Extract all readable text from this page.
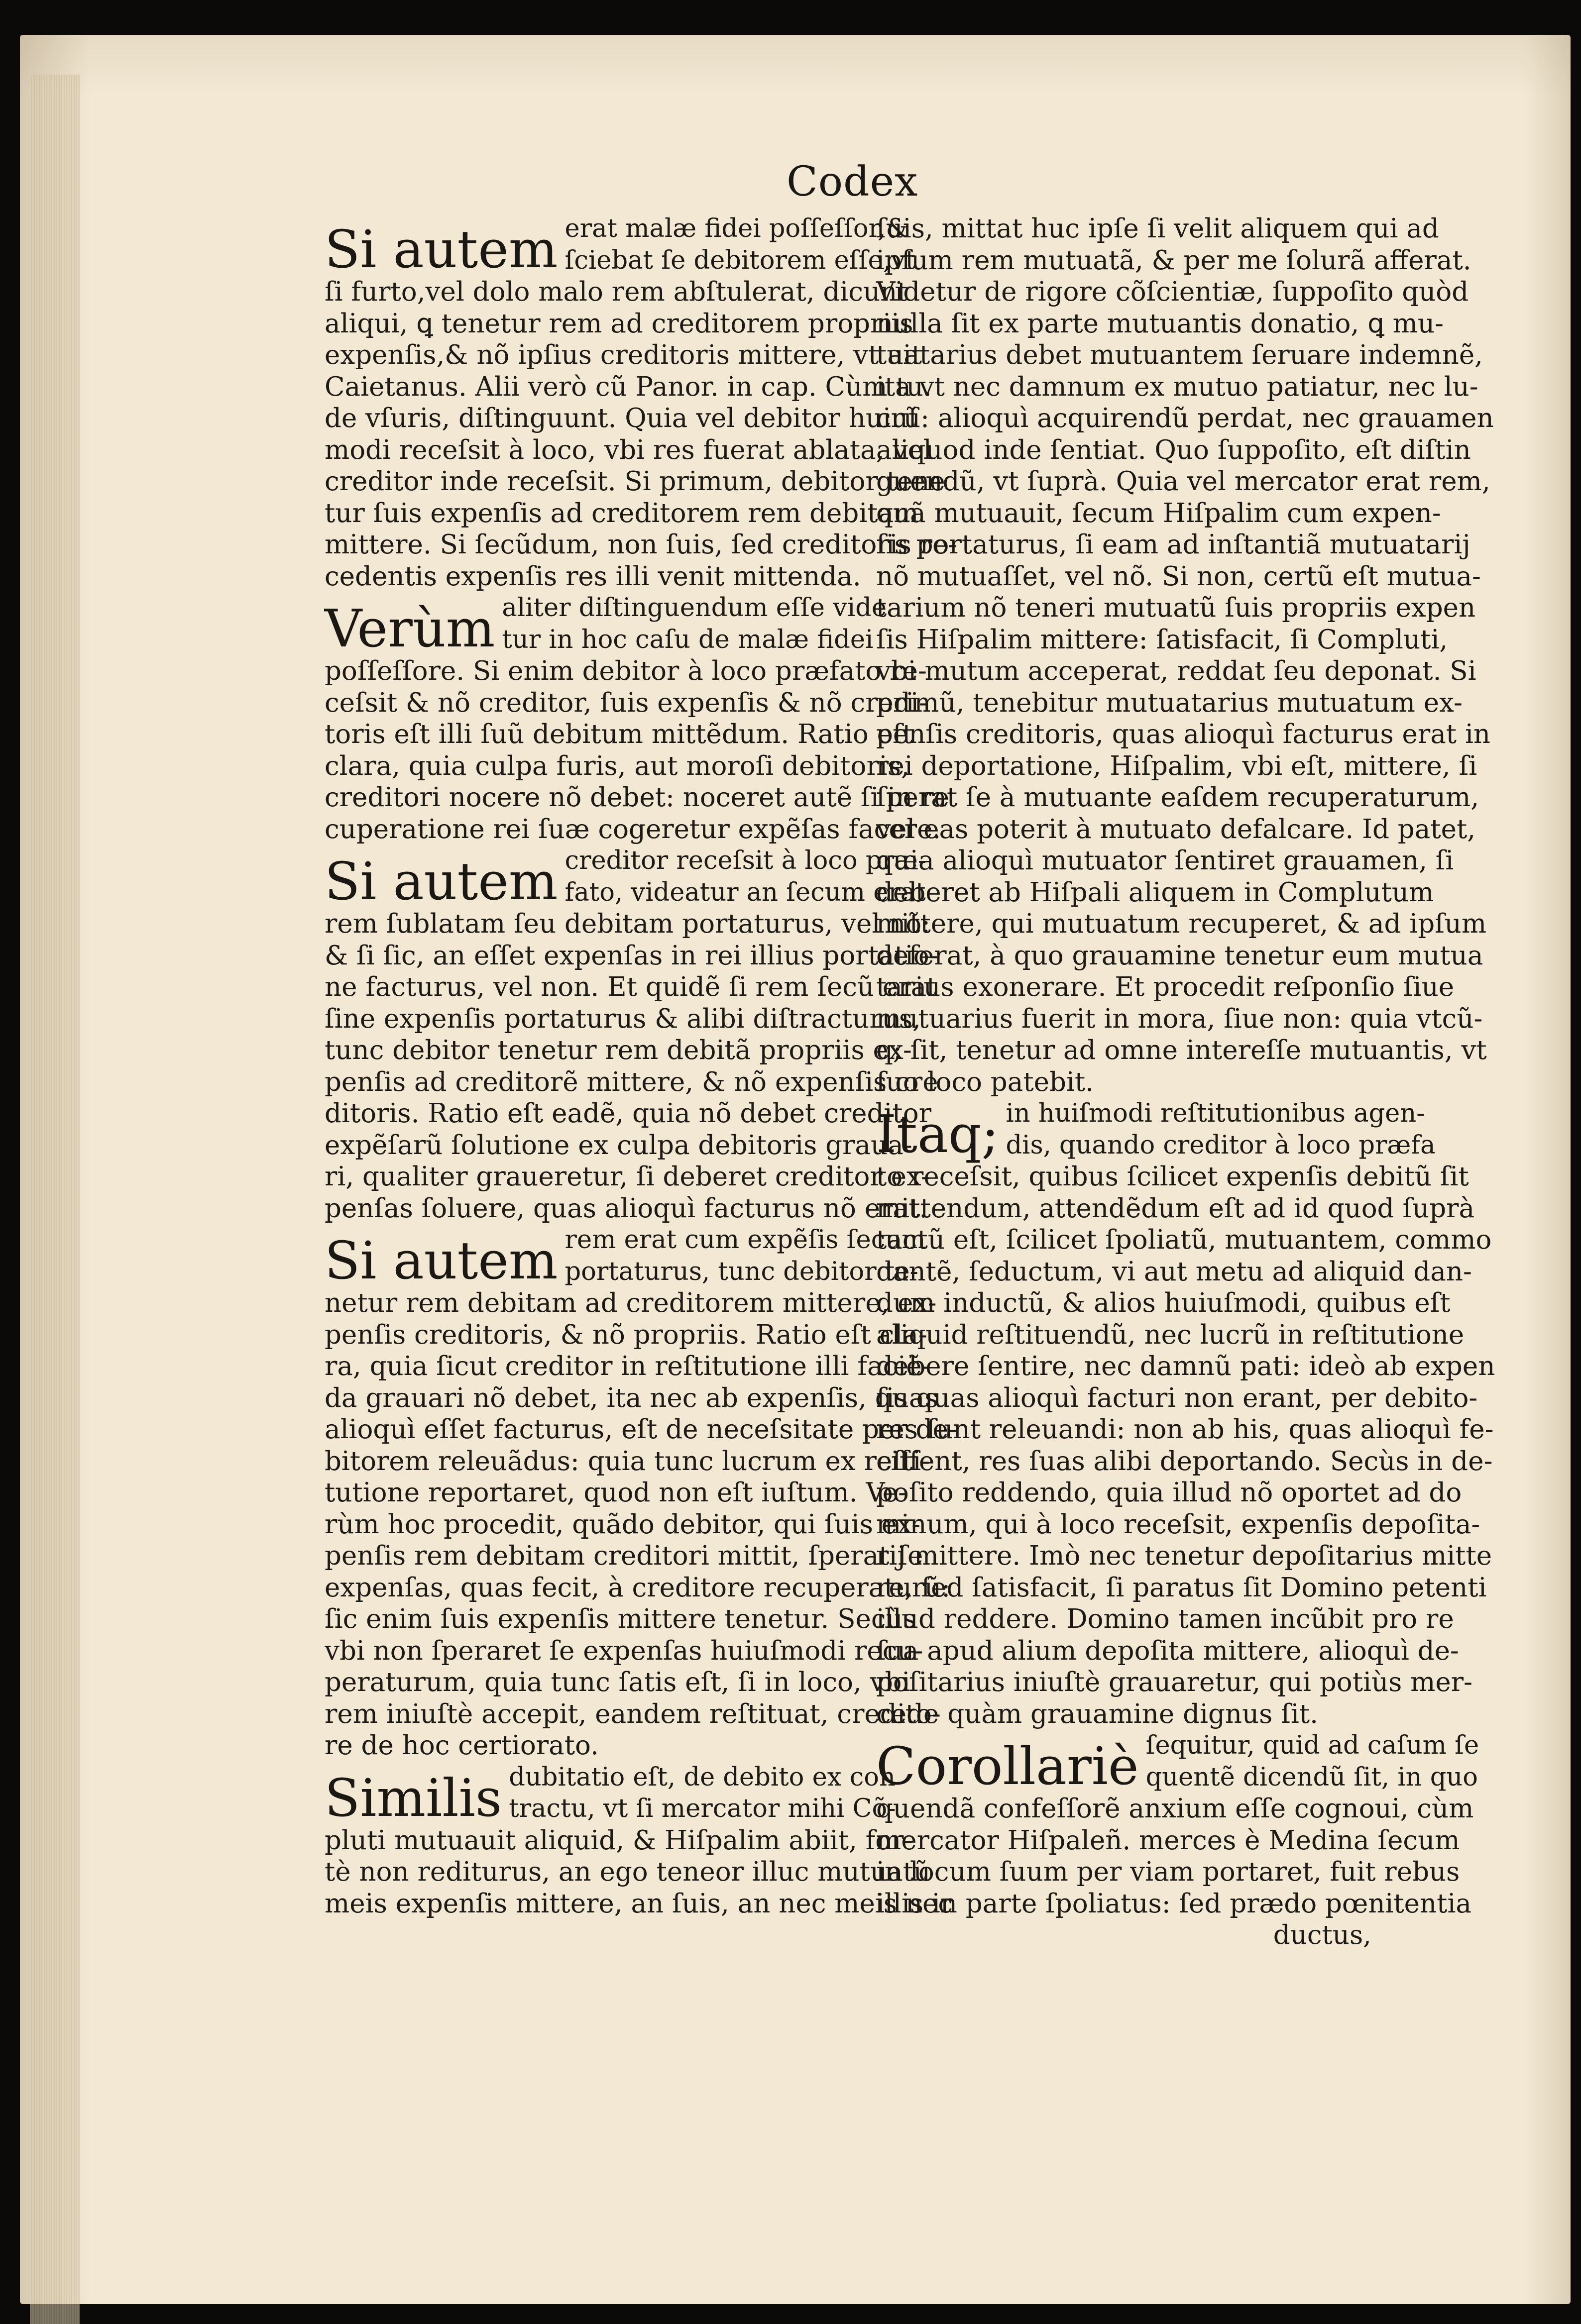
Codex
Si autem erat malæ fidei poſſeſſor,&
ſciebat ſe debitorem eſſe,vt
ſi furto,vel dolo malo rem abſtulerat, dicunt
aliqui, ꝗ tenetur rem ad creditorem propriis
expenſis,& nõ ipſius creditoris mittere, vt ait
Caietanus. Alii verò cũ Panor. in cap. Cùm tu.
de vſuris, diſtinguunt. Quia vel debitor huiuſ
modi receſsit à loco, vbi res fuerat ablata, vel
creditor inde receſsit. Si primum, debitor tene
tur ſuis expenſis ad creditorem rem debitam
mittere. Si ſecũdum, non ſuis, ſed creditoris re-
cedentis expenſis res illi venit mittenda.
Verùm aliter diſtinguendum eſſe vide
tur in hoc caſu de malæ fidei
poſſeſſore. Si enim debitor à loco præfato re-
ceſsit & nõ creditor, ſuis expenſis & nõ credi-
toris eſt illi ſuũ debitum mittẽdum. Ratio eſt
clara, quia culpa furis, aut moroſi debitoris,
creditori nocere nõ debet: noceret autẽ ſi in re
cuperatione rei ſuæ cogeretur expẽſas facere.
Si autem creditor receſsit à loco præ-
fato, videatur an ſecum erat
rem ſublatam ſeu debitam portaturus, vel nõ:
& ſi ſic, an eſſet expenſas in rei illius portatio-
ne facturus, vel non. Et quidẽ ſi rem ſecũ erat
ſine expenſis portaturus & alibi diſtracturus,
tunc debitor tenetur rem debitã propriis ex-
penſis ad creditorẽ mittere, & nõ expenſis cre
ditoris. Ratio eſt eadẽ, quia nõ debet creditor
expẽſarũ ſolutione ex culpa debitoris graua-
ri, qualiter graueretur, ſi deberet creditor ex-
penſas ſoluere, quas alioquì facturus nõ erat.
Si autem rem erat cum expẽſis ſecum
portaturus, tunc debitor te-
netur rem debitam ad creditorem mittere, ex-
penſis creditoris, & nõ propriis. Ratio eſt cla-
ra, quia ſicut creditor in reſtitutione illi faciẽ-
da grauari nõ debet, ita nec ab expenſis, quas
alioquì eſſet facturus, eſt de neceſsitate per de-
bitorem releuãdus: quia tunc lucrum ex reſti-
tutione reportaret, quod non eſt iuſtum. Ve-
rùm hoc procedit, quãdo debitor, qui ſuis ex-
penſis rem debitam creditori mittit, ſperat ſe
expenſas, quas fecit, à creditore recuperaturũ:
ſic enim ſuis expenſis mittere tenetur. Secùs
vbi non ſperaret ſe expenſas huiuſmodi recu-
peraturum, quia tunc ſatis eſt, ſi in loco, vbi
rem iniuſtè accepit, eandem reſtituat, credito-
re de hoc certiorato.
Similis dubitatio eſt, de debito ex con
tractu, vt ſi mercator mihi Cõ-
pluti mutuauit aliquid, & Hiſpalim abiit, for-
tè non rediturus, an ego teneor illuc mutuatũ
meis expenſis mittere, an ſuis, an nec meis nec
ſuis, mittat huc ipſe ſi velit aliquem qui ad
ipſum rem mutuatã, & per me ſolurã afferat.
Videtur de rigore cõſcientiæ, ſuppoſito quòd
nulla ſit ex parte mutuantis donatio, ꝗ mu-
tuatarius debet mutuantem ſeruare indemnẽ,
ita vt nec damnum ex mutuo patiatur, nec lu-
crũ: alioquì acquirendũ perdat, nec grauamen
aliquod inde ſentiat. Quo ſuppoſito, eſt diſtin
guendũ, vt ſuprà. Quia vel mercator erat rem,
quã mutuauit, ſecum Hiſpalim cum expen-
ſis portaturus, ſi eam ad inſtantiã mutuatarij
nõ mutuaſſet, vel nõ. Si non, certũ eſt mutua-
tarium nõ teneri mutuatũ ſuis propriis expen
ſis Hiſpalim mittere: ſatisfacit, ſi Compluti,
vbi mutum acceperat, reddat ſeu deponat. Si
primũ, tenebitur mutuatarius mutuatum ex-
penſis creditoris, quas alioquì facturus erat in
rei deportatione, Hiſpalim, vbi eſt, mittere, ſi
ſperat ſe à mutuante eaſdem recuperaturum,
vel eas poterit à mutuato defalcare. Id patet,
quia alioquì mutuator ſentiret grauamen, ſi
deberet ab Hiſpali aliquem in Complutum
mittere, qui mutuatum recuperet, & ad ipſum
deferat, à quo grauamine tenetur eum mutua
tarius exonerare. Et procedit reſponſio ſiue
mutuarius fuerit in mora, ſiue non: quia vtcũ-
q; ſit, tenetur ad omne intereſſe mutuantis, vt
ſuo loco patebit.
Itaq; in huiſmodi reſtitutionibus agen-
dis, quando creditor à loco præfa
to receſsit, quibus ſcilicet expenſis debitũ ſit
mittendum, attendẽdum eſt ad id quod ſuprà
tactũ eſt, ſcilicet ſpoliatũ, mutuantem, commo
dantẽ, ſeductum, vi aut metu ad aliquid dan-
dum inductũ, & alios huiuſmodi, quibus eſt
aliquid reſtituendũ, nec lucrũ in reſtitutione
debere ſentire, nec damnũ pati: ideò ab expen
ſis quas alioquì facturi non erant, per debito-
res ſunt releuandi: non ab his, quas alioquì fe-
ciſſent, res ſuas alibi deportando. Secùs in de-
poſito reddendo, quia illud nõ oportet ad do
minum, qui à loco receſsit, expenſis depoſita-
rij mittere. Imò nec tenetur depoſitarius mitte
re, ſed ſatisfacit, ſi paratus ſit Domino petenti
illud reddere. Domino tamen incũbit pro re
ſua apud alium depoſita mittere, alioquì de-
poſitarius iniuſtè grauaretur, qui potiùs mer-
cede quàm grauamine dignus ſit.
Corollariè ſequitur, quid ad caſum ſe
quentẽ dicendũ ſit, in quo
quendã confeſſorẽ anxium eſſe cognoui, cùm
mercator Hiſpaleñ. merces è Medina ſecum
in locum ſuum per viam portaret, fuit rebus
illis in parte ſpoliatus: ſed prædo pœnitentia
ductus,
